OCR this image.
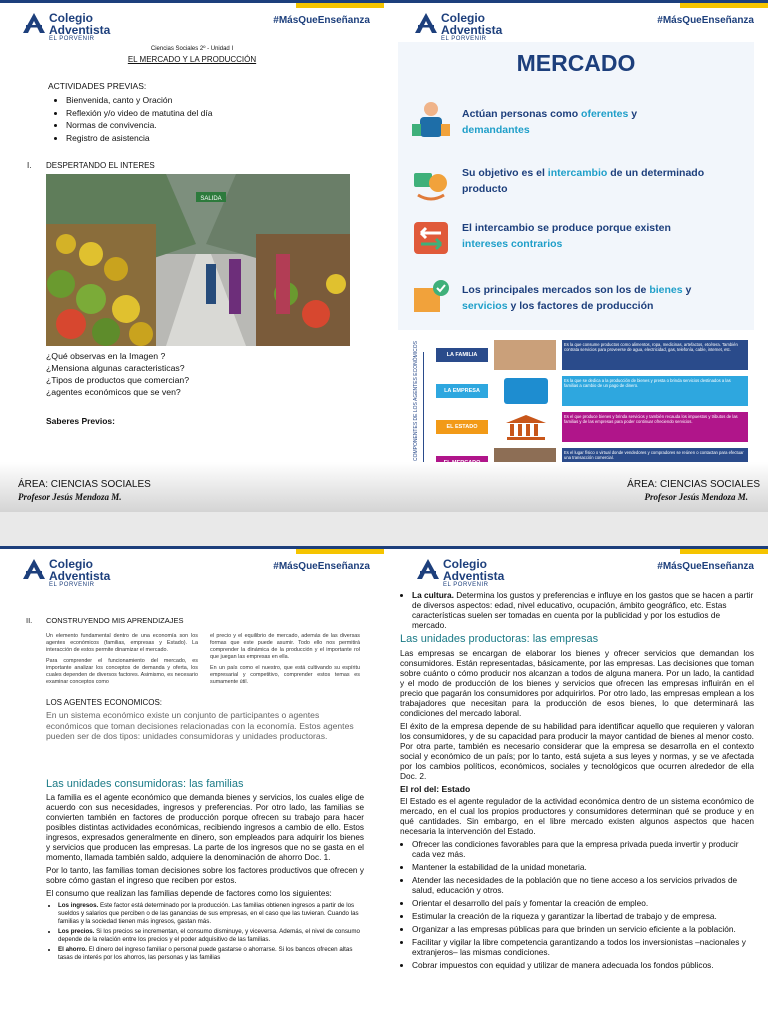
Colegio
Adventista
EL PORVENIR
#MásQueEnseñanza
Ciencias Sociales 2º - Unidad I
EL MERCADO Y LA PRODUCCIÓN
ACTIVIDADES PREVIAS:
• Bienvenida, canto y Oración
• Reflexión y/o video de matutina del día
• Normas de convivencia.
• Registro de asistencia
I. DESPERTANDO EL INTERES
SALIDA
¿Qué observas en la Imagen ?
¿Mensiona algunas caracteristicas?
¿Tipos de productos que comercian?
¿agentes económicos que se ven?
Saberes Previos:
ÁREA: CIENCIAS SOCIALES
Profesor Jesús Mendoza M.
Colegio
Adventista
EL PORVENIR
#MásQueEnseñanza
MERCADO
Actúan personas como oferentes y
demandantes
Su objetivo es el intercambio de un determinado producto
El intercambio se produce porque existen
intereses contrarios
Los principales mercados son los de bienes y
servicios y los factores de producción
COMPONENTES DE LOS AGENTES ECONÓMICOS	LA FAMILIA
Es la que consume productos como alimentos, ropa, medicinas, artefactos, etcétera. También contrata servicios para proveerse de agua, electricidad, gas, telefonía, cable, internet, etc.
LA EMPRESA
Es la que se dedica a la producción de bienes y presta o brinda servicios destinados a las familias a cambio de un pago de dinero.
EL ESTADO
Es el que produce bienes y brinda servicios y también recauda los impuestos y tributos de las familias y de las empresas para poder continuar ofreciendo servicios.
Es el lugar físico o virtual donde vendedores y compradores se reúnen o contactan para efectuar una transacción comercial.
ÁREA: CIENCIAS SOCIALES
Profesor Jesús Mendoza M.
Colegio
Adventista
EL PORVENIR
#MásQueEnseñanza
II. CONSTRUYENDO MIS APRENDIZAJES

Un elemento fundamental dentro de una economía son los agentes económicos (familias, empresas y Estado). La interacción de estos permite dinamizar el mercado.

Para comprender el funcionamiento del mercado, es importante analizar los conceptos de demanda y oferta, los cuales dependen de diversos factores. Asimismo, es necesario examinar conceptos como

el precio y el equilibrio de mercado, además de las diversas formas que este puede asumir. Todo ello nos permitirá comprender la dinámica de la producción y el importante rol que juegan las empresas en ella.

En un país como el nuestro, que está cultivando su espíritu empresarial y competitivo, comprender estos temas es sumamente útil.

LOS AGENTES ECONOMICOS:

En un sistema económico existe un conjunto de participantes o agentes económicos que toman decisiones relacionadas con la economía. Estos agentes pueden ser de dos tipos: unidades consumidoras y unidades productoras.

Las unidades consumidoras: las familias

La familia es el agente económico que demanda bienes y servicios, los cuales elige de acuerdo con sus necesidades, ingresos y preferencias. Por otro lado, las familias se convierten también en factores de producción porque ofrecen su trabajo para hacer posibles distintas actividades económicas, recibiendo ingresos a cambio de ello. Estos ingresos, expresados generalmente en dinero, son empleados para adquirir los bienes y servicios que producen las empresas. La parte de los ingresos que no se gasta en el momento, llamada también saldo, adquiere la denominación de ahorro Doc. 1.

Por lo tanto, las familias toman decisiones sobre los factores productivos que ofrecen y sobre cómo gastan el ingreso que reciben por estos.

El consumo que realizan las familias depende de factores como los siguientes:

• Los ingresos. Este factor está determinado por la producción. Las familias obtienen ingresos a partir de los sueldos y salarios que perciben o de las ganancias de sus empresas, en el caso que las tuvieran. Cuando las familias y la sociedad tienen más ingresos, gastan más.
• Los precios. Si los precios se incrementan, el consumo disminuye, y viceversa. Además, el nivel de consumo depende de la relación entre los precios y el poder adquisitivo de las familias.
• El ahorro. El dinero del ingreso familiar o personal puede gastarse o ahorrarse. Si los bancos ofrecen altas tasas de interés por los ahorros, las personas y las familias
Colegio
Adventista
EL PORVENIR
#MásQueEnseñanza
• La cultura. Determina los gustos y preferencias e influye en los gastos que se hacen a partir de diversos aspectos: edad, nivel educativo, ocupación, ámbito geográfico, etc. Estas características suelen ser tomadas en cuenta por la publicidad y por los estudios de mercado.
Las unidades productoras: las empresas

Las empresas se encargan de elaborar los bienes y ofrecer servicios que demandan los consumidores. Están representadas, básicamente, por las empresas. Las decisiones que toman sobre cuánto o cómo producir nos alcanzan a todos de alguna manera. Por un lado, la cantidad y el modo de producción de los bienes y servicios que ofrecen las empresas influirán en el precio que pagarán los consumidores por adquirirlos. Por otro lado, las empresas emplean a los trabajadores que necesitan para la producción de esos bienes, lo que determinará las condiciones del mercado laboral.

El éxito de la empresa depende de su habilidad para identificar aquello que requieren y valoran los consumidores, y de su capacidad para producir la mayor cantidad de bienes al menor costo. Por otra parte, también es necesario considerar que la empresa se desarrolla en el contexto social y económico de un país; por lo tanto, está sujeta a sus leyes y normas, y se ve afectada por los cambios políticos, económicos, sociales y tecnológicos que ocurren alrededor de ella Doc. 2.

El rol del: Estado

El Estado es el agente regulador de la actividad económica dentro de un sistema económico de mercado, en el cual los propios productores y consumidores determinan qué se produce y en qué cantidades. Sin embargo, en el libre mercado existen algunos aspectos que hacen necesaria la intervención del Estado.

• Ofrecer las condiciones favorables para que la empresa privada pueda invertir y producir cada vez más.
• Mantener la estabilidad de la unidad monetaria.
• Atender las necesidades de la población que no tiene acceso a los servicios privados de salud, educación y otros.
• Orientar el desarrollo del país y fomentar la creación de empleo.
• Estimular la creación de la riqueza y garantizar la libertad de trabajo y de empresa.
• Organizar a las empresas públicas para que brinden un servicio eficiente a la población.
• Facilitar y vigilar la libre competencia garantizando a todos los inversionistas –nacionales y extranjeros– las mismas condiciones.
• Cobrar impuestos con equidad y utilizar de manera adecuada los fondos públicos.
